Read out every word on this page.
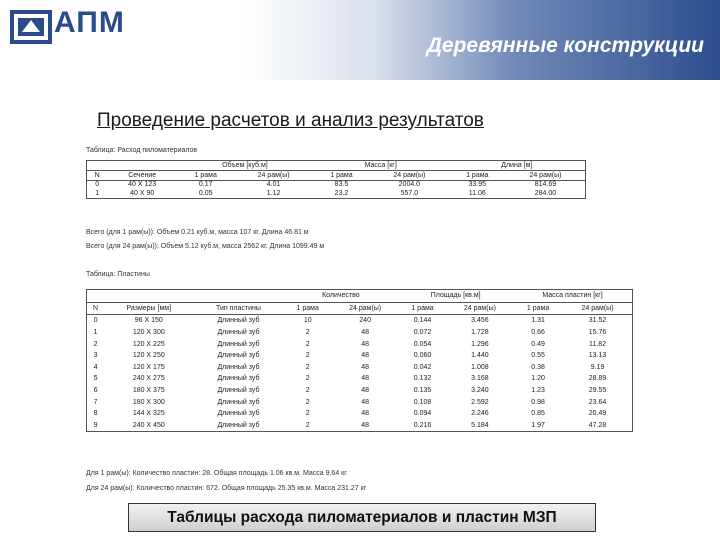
АПМ
Деревянные конструкции
Проведение расчетов и анализ результатов
Таблица: Расход пиломатериалов
		Объем [куб.м]		Масса [кг]		Длина [м]	
N	Сечение	1 рама	24 рам(ы)	1 рама	24 рам(ы)	1 рама	24 рам(ы)
0	40 X 123	0.17	4.01	83.5	2004.0	33.95	814.69
1	40 X 90	0.05	1.12	23.2	557.0	11.06	284.00
Всего (для 1 рам(ы)): Объем 0.21 куб.м, масса 107 кг. Длина 46.81 м
Всего (для 24 рам(ы)): Объем 5.12 куб.м, масса 2562 кг. Длина 1099.49 м
Таблица: Пластины
			Количество		Площадь [кв.м]		Масса пластин [кг]	
N	Размеры [мм]	Тип пластины	1 рама	24 рам(ы)	1 рама	24 рам(ы)	1 рама	24 рам(ы)
0	96 X 150	Длинный зуб	10	240	0.144	3.456	1.31	31.52
1	120 X 300	Длинный зуб	2	48	0.072	1.728	0.66	15.76
2	120 X 225	Длинный зуб	2	48	0.054	1.296	0.49	11.82
3	120 X 250	Длинный зуб	2	48	0.060	1.440	0.55	13.13
4	120 X 175	Длинный зуб	2	48	0.042	1.008	0.38	9.19
5	240 X 275	Длинный зуб	2	48	0.132	3.168	1.20	28.89
6	180 X 375	Длинный зуб	2	48	0.135	3.240	1.23	29.55
7	180 X 300	Длинный зуб	2	48	0.108	2.592	0.98	23.64
8	144 X 325	Длинный зуб	2	48	0.094	2.246	0.85	20.49
9	240 X 450	Длинный зуб	2	48	0.216	5.184	1.97	47.28
Для 1 рам(ы): Количество пластин: 28. Общая площадь 1.06 кв.м. Масса 9.64 кг
Для 24 рам(ы): Количество пластин: 672. Общая площадь 25.35 кв.м. Масса 231.27 кг
Таблицы расхода пиломатериалов и пластин МЗП
